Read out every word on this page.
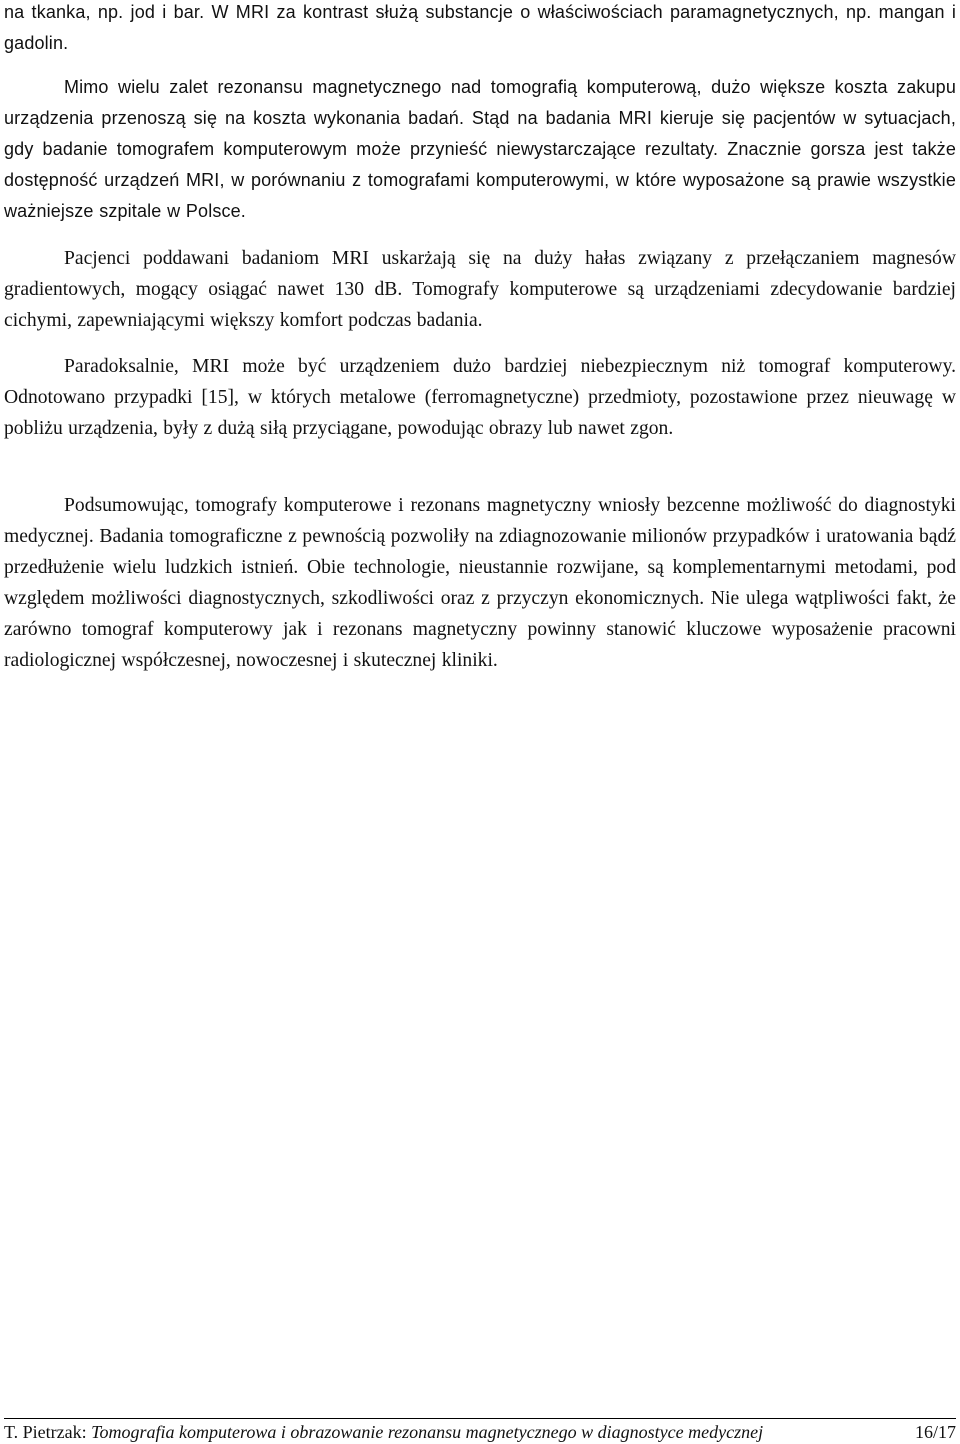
na tkanka, np. jod i bar. W MRI za kontrast służą substancje o właściwościach paramagnetycznych, np. mangan i gadolin.

Mimo wielu zalet rezonansu magnetycznego nad tomografią komputerową, dużo większe koszta zakupu urządzenia przenoszą się na koszta wykonania badań. Stąd na badania MRI kieruje się pacjentów w sytuacjach, gdy badanie tomografem komputerowym może przynieść niewystarczające rezultaty. Znacznie gorsza jest także dostępność urządzeń MRI, w porównaniu z tomografami komputerowymi, w które wyposażone są prawie wszystkie ważniejsze szpitale w Polsce.

Pacjenci poddawani badaniom MRI uskarżają się na duży hałas związany z przełączaniem magnesów gradientowych, mogący osiągać nawet 130 dB. Tomografy komputerowe są urządzeniami zdecydowanie bardziej cichymi, zapewniającymi większy komfort podczas badania.

Paradoksalnie, MRI może być urządzeniem dużo bardziej niebezpiecznym niż tomograf komputerowy. Odnotowano przypadki [15], w których metalowe (ferromagnetyczne) przedmioty, pozostawione przez nieuwagę w pobliżu urządzenia, były z dużą siłą przyciągane, powodując obrazy lub nawet zgon.

Podsumowując, tomografy komputerowe i rezonans magnetyczny wniosły bezcenne możliwość do diagnostyki medycznej. Badania tomograficzne z pewnością pozwoliły na zdiagnozowanie milionów przypadków i uratowania bądź przedłużenie wielu ludzkich istnień. Obie technologie, nieustannie rozwijane, są komplementarnymi metodami, pod względem możliwości diagnostycznych, szkodliwości oraz z przyczyn ekonomicznych. Nie ulega wątpliwości fakt, że zarówno tomograf komputerowy jak i rezonans magnetyczny powinny stanowić kluczowe wyposażenie pracowni radiologicznej współczesnej, nowoczesnej i skutecznej kliniki.

T. Pietrzak: Tomografia komputerowa i obrazowanie rezonansu magnetycznego w diagnostyce medycznej	16/17
